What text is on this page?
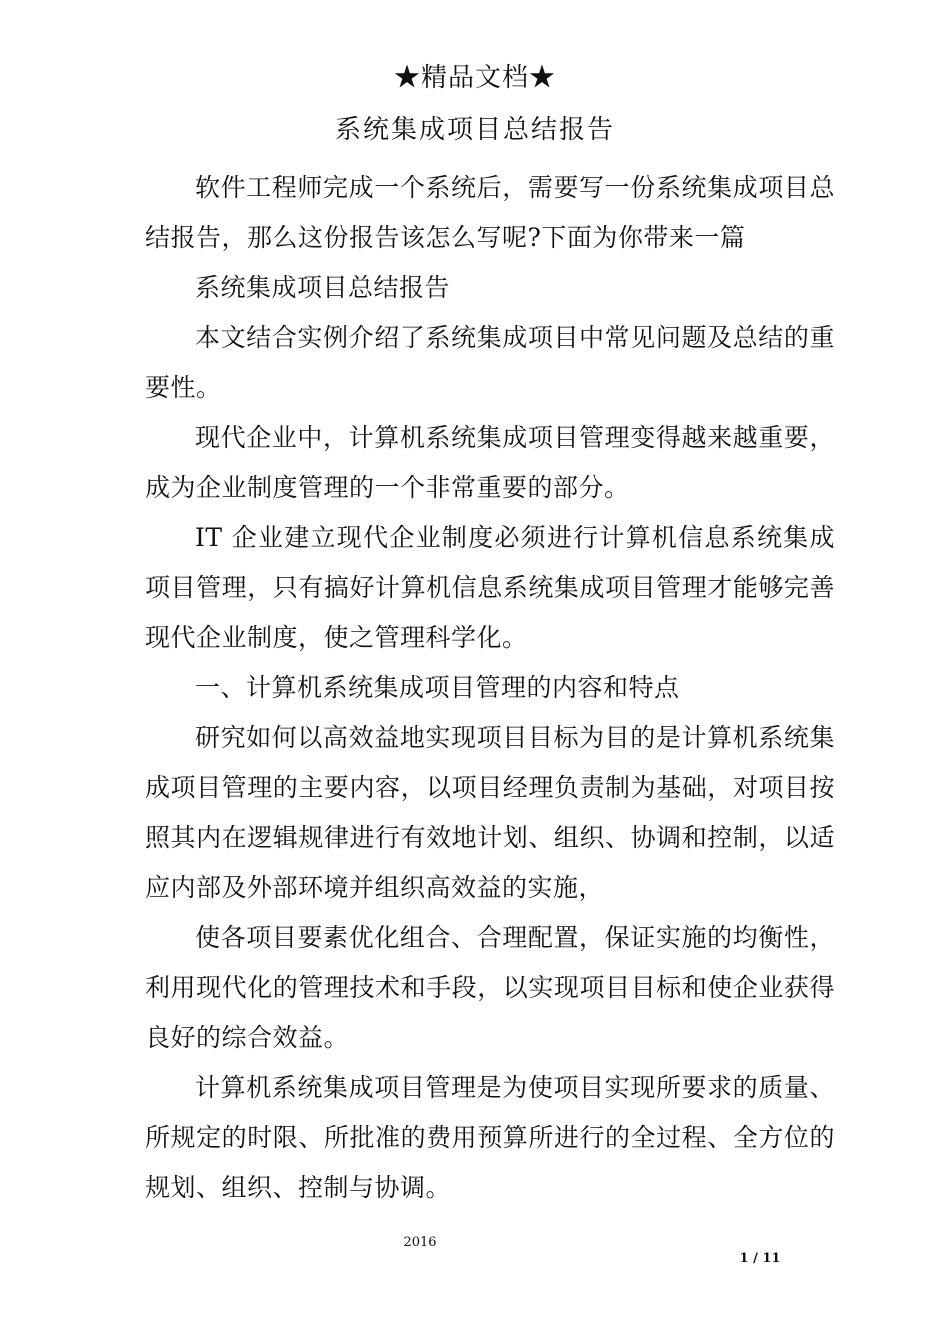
★精品文档★
系统集成项目总结报告

软件工程师完成一个系统后，需要写一份系统集成项目总结报告，那么这份报告该怎么写呢?下面为你带来一篇

系统集成项目总结报告

本文结合实例介绍了系统集成项目中常见问题及总结的重要性。

现代企业中，计算机系统集成项目管理变得越来越重要，成为企业制度管理的一个非常重要的部分。

IT 企业建立现代企业制度必须进行计算机信息系统集成项目管理，只有搞好计算机信息系统集成项目管理才能够完善现代企业制度，使之管理科学化。

一、计算机系统集成项目管理的内容和特点

研究如何以高效益地实现项目目标为目的是计算机系统集成项目管理的主要内容，以项目经理负责制为基础，对项目按照其内在逻辑规律进行有效地计划、组织、协调和控制，以适应内部及外部环境并组织高效益的实施，

使各项目要素优化组合、合理配置，保证实施的均衡性，利用现代化的管理技术和手段，以实现项目目标和使企业获得良好的综合效益。

计算机系统集成项目管理是为使项目实现所要求的质量、所规定的时限、所批准的费用预算所进行的全过程、全方位的规划、组织、控制与协调。

2016
1 / 11
